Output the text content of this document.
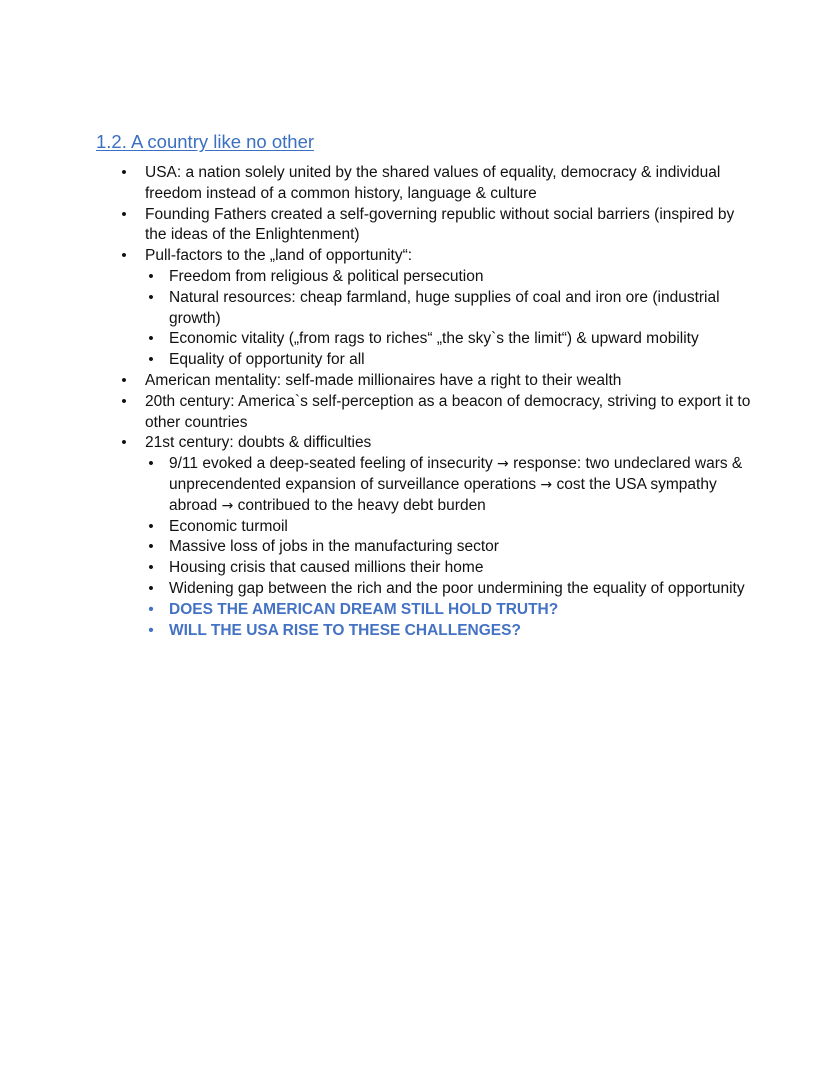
1.2. A country like no other
• USA: a nation solely united by the shared values of equality, democracy & individual freedom instead of a common history, language & culture
• Founding Fathers created a self-governing republic without social barriers (inspired by the ideas of the Enlightenment)
• Pull-factors to the „land of opportunity“:
• Freedom from religious & political persecution
• Natural resources: cheap farmland, huge supplies of coal and iron ore (industrial growth)
• Economic vitality („from rags to riches“ „the sky`s the limit“) & upward mobility
• Equality of opportunity for all
• American mentality: self-made millionaires have a right to their wealth
• 20th century: America`s self-perception as a beacon of democracy, striving to export it to other countries
• 21st century: doubts & difficulties
• 9/11 evoked a deep-seated feeling of insecurity → response: two undeclared wars & unprecendented expansion of surveillance operations → cost the USA sympathy abroad → contribued to the heavy debt burden
• Economic turmoil
• Massive loss of jobs in the manufacturing sector
• Housing crisis that caused millions their home
• Widening gap between the rich and the poor undermining the equality of opportunity
• DOES THE AMERICAN DREAM STILL HOLD TRUTH?
• WILL THE USA RISE TO THESE CHALLENGES?
